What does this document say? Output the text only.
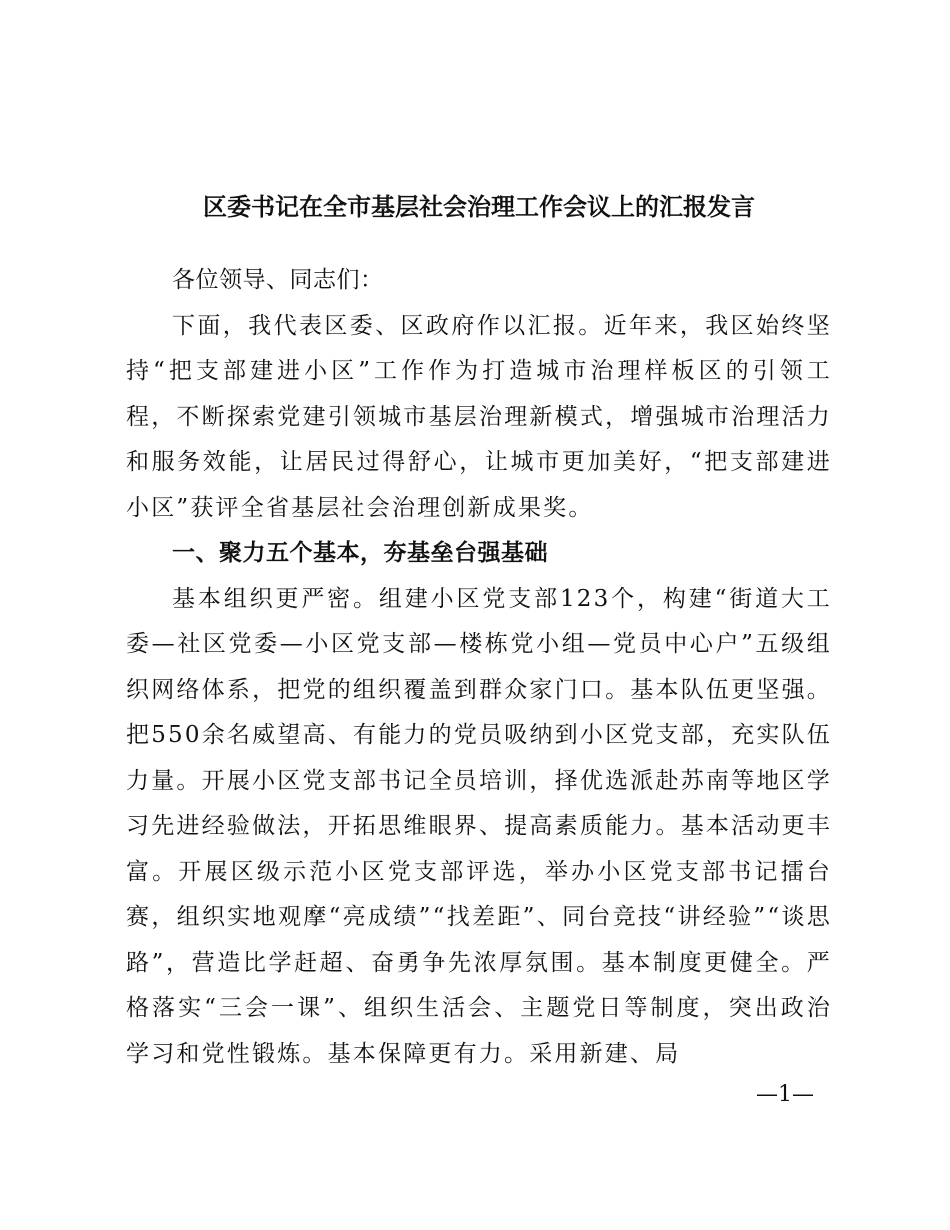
区委书记在全市基层社会治理工作会议上的汇报发言

各位领导、同志们：

下面，我代表区委、区政府作以汇报。近年来，我区始终坚持“把支部建进小区”工作作为打造城市治理样板区的引领工程，不断探索党建引领城市基层治理新模式，增强城市治理活力和服务效能，让居民过得舒心，让城市更加美好，“把支部建进小区”获评全省基层社会治理创新成果奖。

一、聚力五个基本，夯基垒台强基础

基本组织更严密。组建小区党支部123个，构建“街道大工委—社区党委—小区党支部—楼栋党小组—党员中心户”五级组织网络体系，把党的组织覆盖到群众家门口。基本队伍更坚强。把550余名威望高、有能力的党员吸纳到小区党支部，充实队伍力量。开展小区党支部书记全员培训，择优选派赴苏南等地区学习先进经验做法，开拓思维眼界、提高素质能力。基本活动更丰富。开展区级示范小区党支部评选，举办小区党支部书记擂台赛，组织实地观摩“亮成绩”“找差距”、同台竞技“讲经验”“谈思路”，营造比学赶超、奋勇争先浓厚氛围。基本制度更健全。严格落实“三会一课”、组织生活会、主题党日等制度，突出政治学习和党性锻炼。基本保障更有力。采用新建、局

—1—
